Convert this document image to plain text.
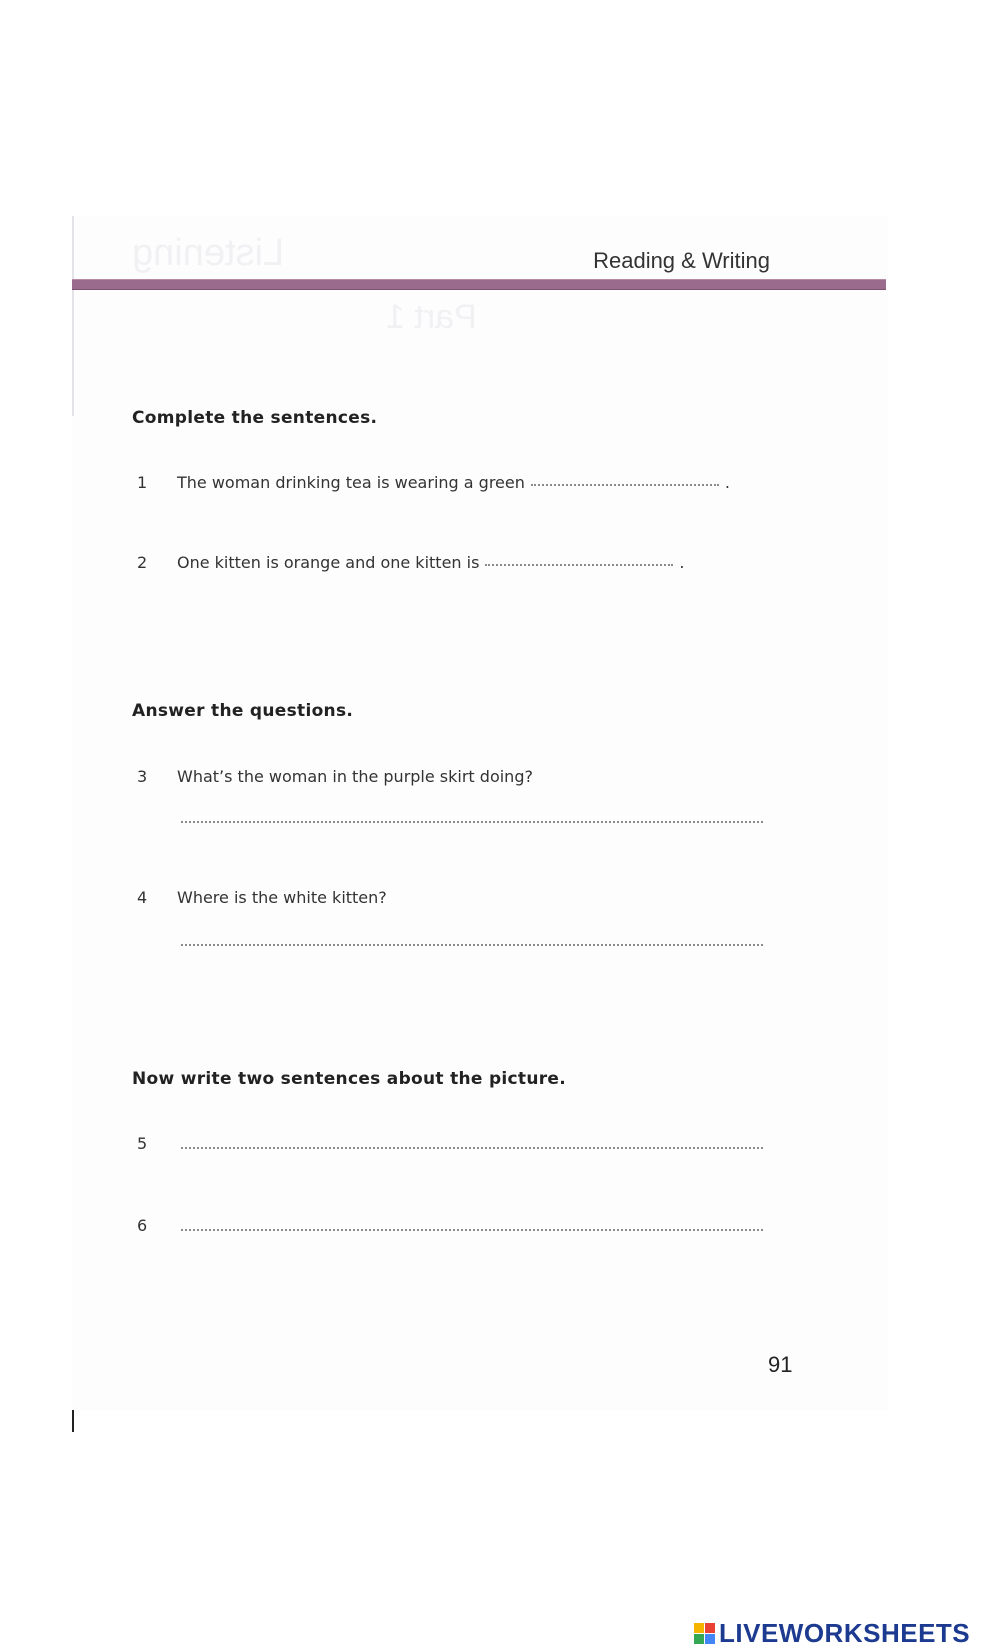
Listening
Part 1
Reading & Writing
Complete the sentences.
1 The woman drinking tea is wearing a green	.
2 One kitten is orange and one kitten is	.
Answer the questions.
3 What’s the woman in the purple skirt doing?
4 Where is the white kitten?
Now write two sentences about the picture.
5
6
91
LIVEWORKSHEETS
